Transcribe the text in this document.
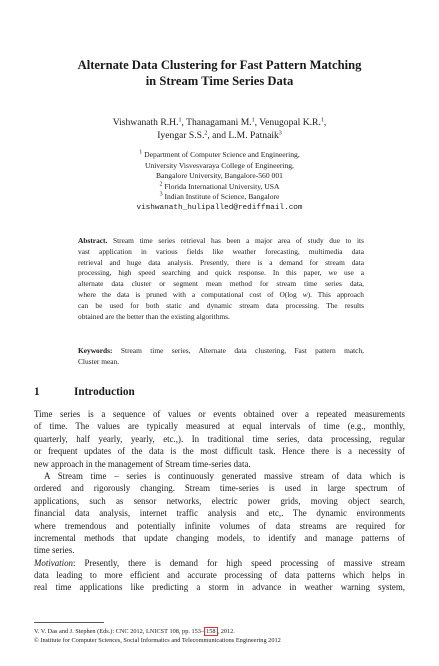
Alternate Data Clustering for Fast Pattern Matching
in Stream Time Series Data
Vishwanath R.H.$^1$, Thanagamani M.$^1$, Venugopal K.R.$^1$,
Iyengar S.S.$^2$, and L.M. Patnaik$^3$
$^1$ Department of Computer Science and Engineering,
University Visvesvaraya College of Engineering,
Bangalore University, Bangalore-560 001
$^2$ Florida International University, USA
$^3$ Indian Institute of Science, Bangalore
vishwanath_hulipalled@rediffmail.com
Abstract. Stream time series retrieval has been a major area of study due to its
vast application in various fields like weather forecasting, multimedia data
retrieval and huge data analysis. Presently, there is a demand for stream data
processing, high speed searching and quick response. In this paper, we use a
alternate data cluster or segment mean method for stream time series data,
where the data is pruned with a computational cost of O(log w). This approach
can be used for both static and dynamic stream data processing. The results
obtained are the better than the existing algorithms.
Keywords: Stream time series, Alternate data clustering, Fast pattern match,
Cluster mean.
1	Introduction
Time series is a sequence of values or events obtained over a repeated measurements
of time. The values are typically measured at equal intervals of time (e.g., monthly,
quarterly, half yearly, yearly, etc.,). In traditional time series, data processing, regular
or frequent updates of the data is the most difficult task. Hence there is a necessity of
new approach in the management of Stream time-series data.
A Stream time – series is continuously generated massive stream of data which is
ordered and rigorously changing. Stream time-series is used in large spectrum of
applications, such as sensor networks, electric power grids, moving object search,
financial data analysis, internet traffic analysis and etc,. The dynamic environments
where tremendous and potentially infinite volumes of data streams are required for
incremental methods that update changing models, to identify and manage patterns of
time series.
Motivation: Presently, there is demand for high speed processing of massive stream
data leading to more efficient and accurate processing of data patterns which helps in
real time applications like predicting a storm in advance in weather warning system,
V. V. Das and J. Stephen (Eds.): CNC 2012, LNICST 108, pp. 153– 158 , 2012.
© Institute for Computer Sciences, Social Informatics and Telecommunications Engineering 2012
